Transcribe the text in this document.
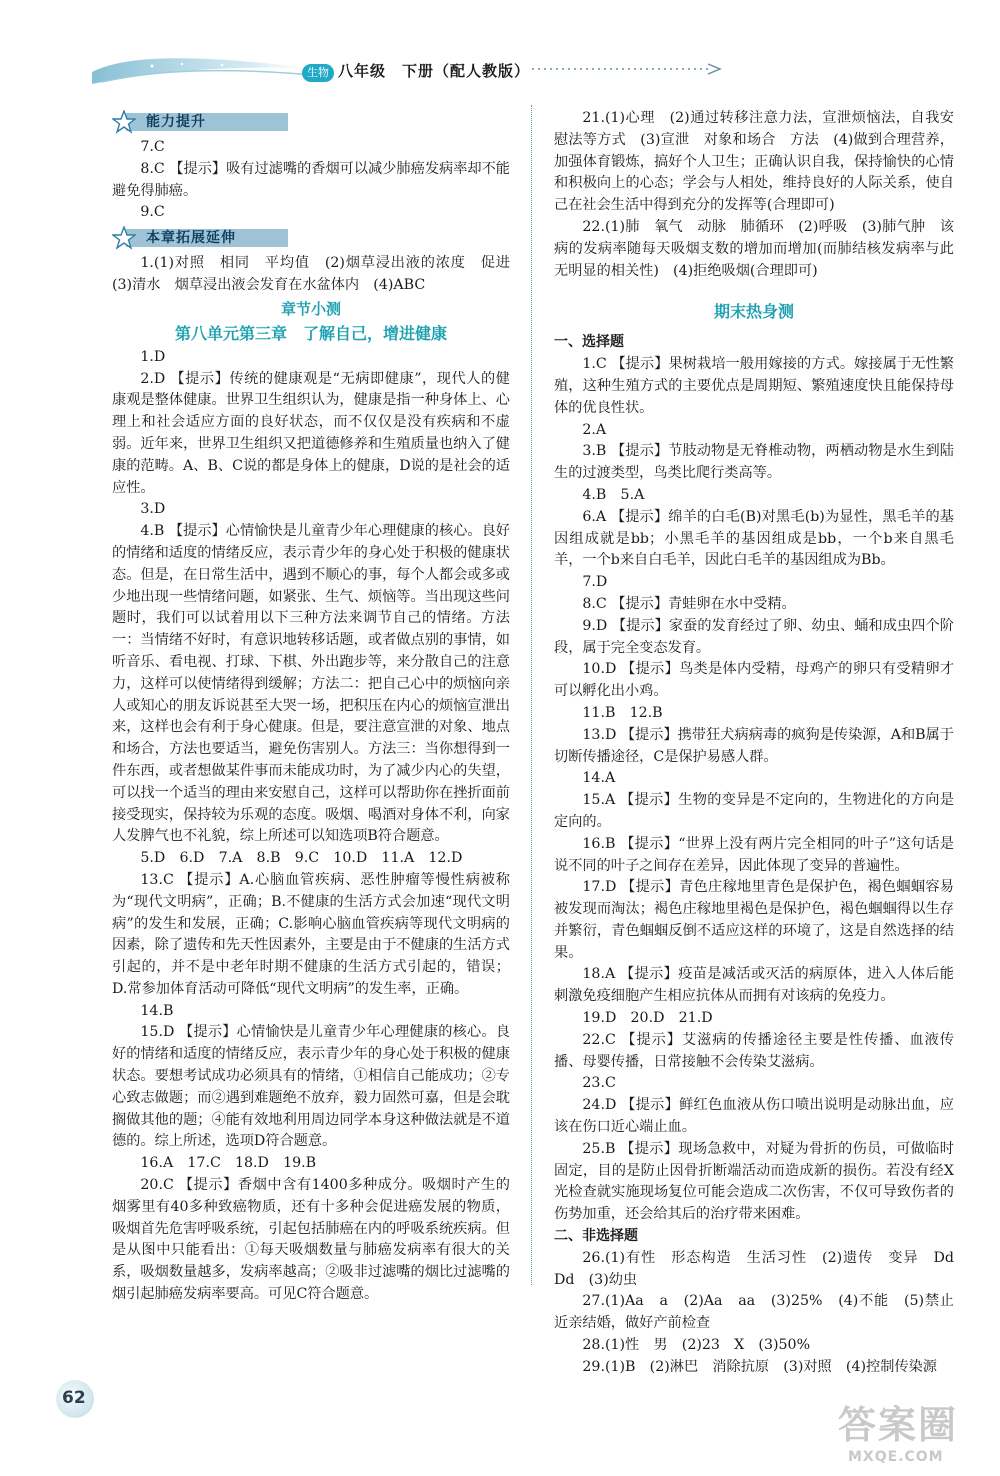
生物 八年级　下册（配人教版）
能力提升

7.C

8.C 【提示】吸有过滤嘴的香烟可以减少肺癌发病率却不能避免得肺癌。

9.C

本章拓展延伸

1.(1)对照　相同　平均值　(2)烟草浸出液的浓度　促进　(3)清水　烟草浸出液会发育在水盆体内　(4)ABC

章节小测
第八单元第三章　了解自己，增进健康

1.D

2.D 【提示】传统的健康观是“无病即健康”，现代人的健康观是整体健康。世界卫生组织认为，健康是指一种身体上、心理上和社会适应方面的良好状态，而不仅仅是没有疾病和不虚弱。近年来，世界卫生组织又把道德修养和生殖质量也纳入了健康的范畴。A、B、C说的都是身体上的健康，D说的是社会的适应性。

3.D

4.B 【提示】心情愉快是儿童青少年心理健康的核心。良好的情绪和适度的情绪反应，表示青少年的身心处于积极的健康状态。但是，在日常生活中，遇到不顺心的事，每个人都会或多或少地出现一些情绪问题，如紧张、生气、烦恼等。当出现这些问题时，我们可以试着用以下三种方法来调节自己的情绪。方法一：当情绪不好时，有意识地转移话题，或者做点别的事情，如听音乐、看电视、打球、下棋、外出跑步等，来分散自己的注意力，这样可以使情绪得到缓解；方法二：把自己心中的烦恼向亲人或知心的朋友诉说甚至大哭一场，把积压在内心的烦恼宣泄出来，这样也会有利于身心健康。但是，要注意宣泄的对象、地点和场合，方法也要适当，避免伤害别人。方法三：当你想得到一件东西，或者想做某件事而未能成功时，为了减少内心的失望，可以找一个适当的理由来安慰自己，这样可以帮助你在挫折面前接受现实，保持较为乐观的态度。吸烟、喝酒对身体不利，向家人发脾气也不礼貌，综上所述可以知选项B符合题意。

5.D　6.D　7.A　8.B　9.C　10.D　11.A　12.D

13.C 【提示】A.心脑血管疾病、恶性肿瘤等慢性病被称为“现代文明病”，正确；B.不健康的生活方式会加速“现代文明病”的发生和发展，正确；C.影响心脑血管疾病等现代文明病的因素，除了遗传和先天性因素外，主要是由于不健康的生活方式引起的，并不是中老年时期不健康的生活方式引起的，错误；D.常参加体育活动可降低“现代文明病”的发生率，正确。

14.B

15.D 【提示】心情愉快是儿童青少年心理健康的核心。良好的情绪和适度的情绪反应，表示青少年的身心处于积极的健康状态。要想考试成功必须具有的情绪，①相信自己能成功；②专心致志做题；而②遇到难题绝不放弃，毅力固然可嘉，但是会耽搁做其他的题；④能有效地利用周边同学本身这种做法就是不道德的。综上所述，选项D符合题意。

16.A　17.C　18.D　19.B

20.C 【提示】香烟中含有1400多种成分。吸烟时产生的烟雾里有40多种致癌物质，还有十多种会促进癌发展的物质，吸烟首先危害呼吸系统，引起包括肺癌在内的呼吸系统疾病。但是从图中只能看出：①每天吸烟数量与肺癌发病率有很大的关系，吸烟数量越多，发病率越高；②吸非过滤嘴的烟比过滤嘴的烟引起肺癌发病率要高。可见C符合题意。

21.(1)心理　(2)通过转移注意力法，宣泄烦恼法，自我安慰法等方式　(3)宣泄　对象和场合　方法　(4)做到合理营养，加强体育锻炼，搞好个人卫生；正确认识自我，保持愉快的心情和积极向上的心态；学会与人相处，维持良好的人际关系，使自己在社会生活中得到充分的发挥等(合理即可)

22.(1)肺　氧气　动脉　肺循环　(2)呼吸　(3)肺气肿　该病的发病率随每天吸烟支数的增加而增加(而肺结核发病率与此无明显的相关性)　(4)拒绝吸烟(合理即可)

期末热身测
一、选择题

1.C 【提示】果树栽培一般用嫁接的方式。嫁接属于无性繁殖，这种生殖方式的主要优点是周期短、繁殖速度快且能保持母体的优良性状。

2.A

3.B 【提示】节肢动物是无脊椎动物，两栖动物是水生到陆生的过渡类型，鸟类比爬行类高等。

4.B　5.A

6.A 【提示】绵羊的白毛(B)对黑毛(b)为显性，黑毛羊的基因组成就是bb；小黑毛羊的基因组成是bb，一个b来自黑毛羊，一个b来自白毛羊，因此白毛羊的基因组成为Bb。

7.D

8.C 【提示】青蛙卵在水中受精。

9.D 【提示】家蚕的发育经过了卵、幼虫、蛹和成虫四个阶段，属于完全变态发育。

10.D 【提示】鸟类是体内受精，母鸡产的卵只有受精卵才可以孵化出小鸡。

11.B　12.B

13.D 【提示】携带狂犬病病毒的疯狗是传染源，A和B属于切断传播途径，C是保护易感人群。

14.A

15.A 【提示】生物的变异是不定向的，生物进化的方向是定向的。

16.B 【提示】“世界上没有两片完全相同的叶子”这句话是说不同的叶子之间存在差异，因此体现了变异的普遍性。

17.D 【提示】青色庄稼地里青色是保护色，褐色蝈蝈容易被发现而淘汰；褐色庄稼地里褐色是保护色，褐色蝈蝈得以生存并繁衍，青色蝈蝈反倒不适应这样的环境了，这是自然选择的结果。

18.A 【提示】疫苗是减活或灭活的病原体，进入人体后能刺激免疫细胞产生相应抗体从而拥有对该病的免疫力。

19.D　20.D　21.D

22.C 【提示】艾滋病的传播途径主要是性传播、血液传播、母婴传播，日常接触不会传染艾滋病。

23.C

24.D 【提示】鲜红色血液从伤口喷出说明是动脉出血，应该在伤口近心端止血。

25.B 【提示】现场急救中，对疑为骨折的伤员，可做临时固定，目的是防止因骨折断端活动而造成新的损伤。若没有经X光检查就实施现场复位可能会造成二次伤害，不仅可导致伤者的伤势加重，还会给其后的治疗带来困难。

二、非选择题

26.(1)有性　形态构造　生活习性　(2)遗传　变异　Dd　Dd　(3)幼虫

27.(1)Aa　a　(2)Aa　aa　(3)25%　(4)不能　(5)禁止近亲结婚，做好产前检查

28.(1)性　男　(2)23　X　(3)50%

29.(1)B　(2)淋巴　消除抗原　(3)对照　(4)控制传染源

62
答案圈
MXQE.COM
